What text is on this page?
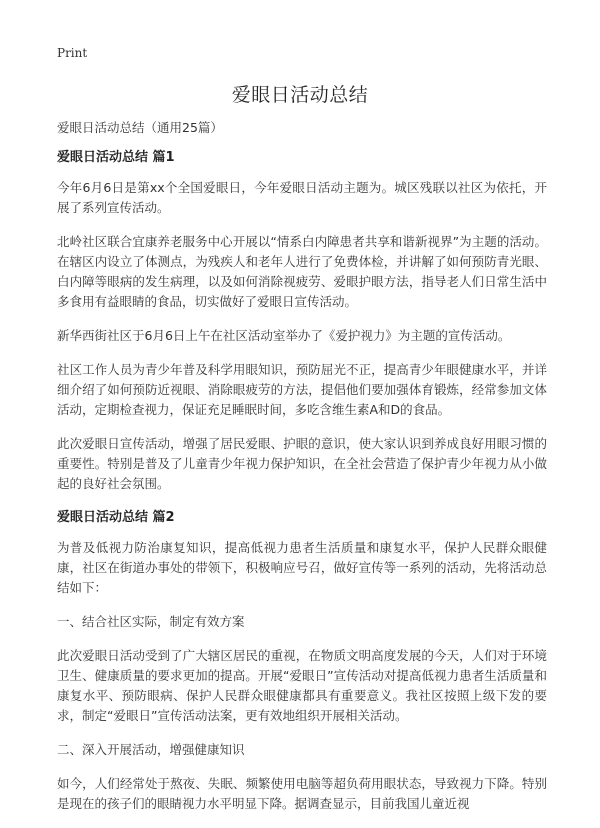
Print
爱眼日活动总结

爱眼日活动总结（通用25篇）

爱眼日活动总结 篇1

今年6月6日是第xx个全国爱眼日，今年爱眼日活动主题为。城区残联以社区为依托，开展了系列宣传活动。

北岭社区联合宜康养老服务中心开展以“情系白内障患者共享和谐新视界”为主题的活动。在辖区内设立了体测点，为残疾人和老年人进行了免费体检，并讲解了如何预防青光眼、白内障等眼病的发生病理，以及如何消除视疲劳、爱眼护眼方法，指导老人们日常生活中多食用有益眼睛的食品，切实做好了爱眼日宣传活动。

新华西街社区于6月6日上午在社区活动室举办了《爱护视力》为主题的宣传活动。

社区工作人员为青少年普及科学用眼知识，预防屈光不正，提高青少年眼健康水平，并详细介绍了如何预防近视眼、消除眼疲劳的方法，提倡他们要加强体育锻炼，经常参加文体活动，定期检查视力，保证充足睡眠时间，多吃含维生素A和D的食品。

此次爱眼日宣传活动，增强了居民爱眼、护眼的意识，使大家认识到养成良好用眼习惯的重要性。特别是普及了儿童青少年视力保护知识，在全社会营造了保护青少年视力从小做起的良好社会氛围。

爱眼日活动总结 篇2

为普及低视力防治康复知识，提高低视力患者生活质量和康复水平，保护人民群众眼健康，社区在街道办事处的带领下，积极响应号召，做好宣传等一系列的活动，先将活动总结如下：

一、结合社区实际，制定有效方案

此次爱眼日活动受到了广大辖区居民的重视，在物质文明高度发展的今天，人们对于环境卫生、健康质量的要求更加的提高。开展“爱眼日”宣传活动对提高低视力患者生活质量和康复水平、预防眼病、保护人民群众眼健康都具有重要意义。我社区按照上级下发的要求，制定“爱眼日”宣传活动法案，更有效地组织开展相关活动。

二、深入开展活动，增强健康知识

如今，人们经常处于熬夜、失眠、频繁使用电脑等超负荷用眼状态，导致视力下降。特别是现在的孩子们的眼睛视力水平明显下降。据调查显示，目前我国儿童近视
